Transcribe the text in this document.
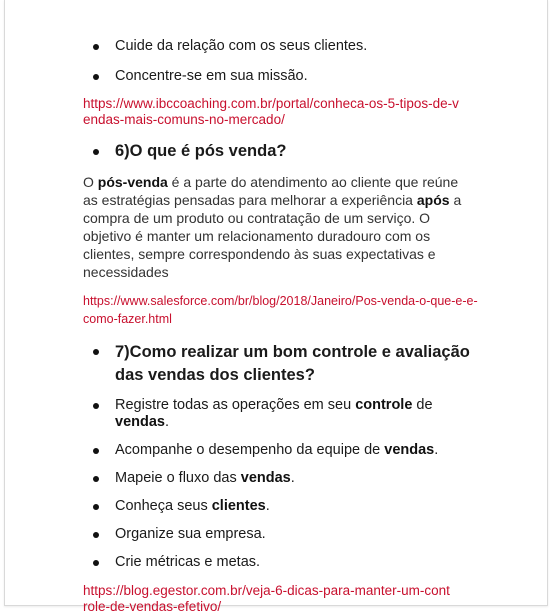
Cuide da relação com os seus clientes.
Concentre-se em sua missão.
https://www.ibccoaching.com.br/portal/conheca-os-5-tipos-de-vendas-mais-comuns-no-mercado/
6)O que é pós venda?

O pós-venda é a parte do atendimento ao cliente que reúne as estratégias pensadas para melhorar a experiência após a compra de um produto ou contratação de um serviço. O objetivo é manter um relacionamento duradouro com os clientes, sempre correspondendo às suas expectativas e necessidades

https://www.salesforce.com/br/blog/2018/Janeiro/Pos-venda-o-que-e-e-como-fazer.html
7)Como realizar um bom controle e avaliação das vendas dos clientes?
Registre todas as operações em seu controle de vendas.
Acompanhe o desempenho da equipe de vendas.
Mapeie o fluxo das vendas.
Conheça seus clientes.
Organize sua empresa.
Crie métricas e metas.
https://blog.egestor.com.br/veja-6-dicas-para-manter-um-controle-de-vendas-efetivo/
